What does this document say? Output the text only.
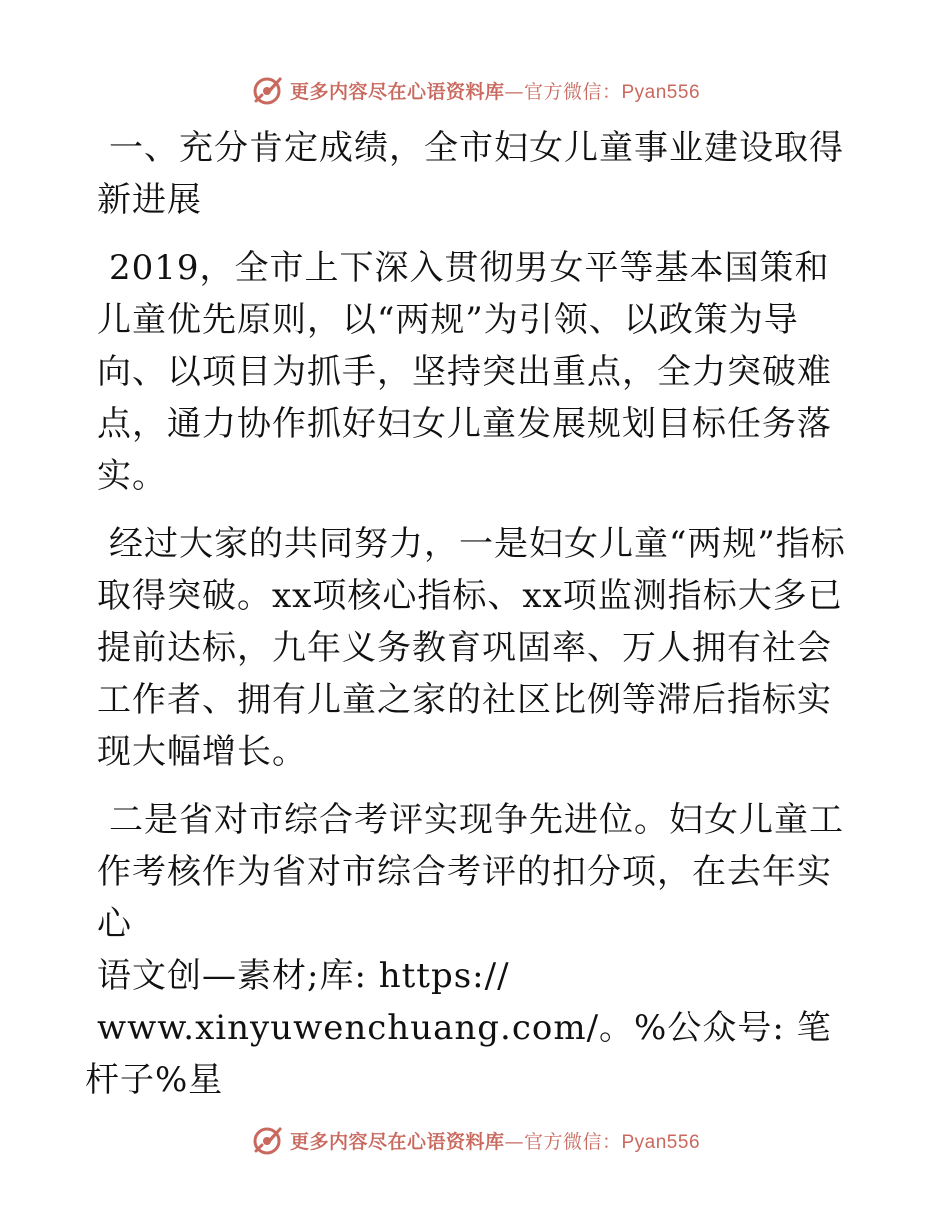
更多内容尽在心语资料库—官方微信：Pyan556

一、充分肯定成绩，全市妇女儿童事业建设取得
新进展

2019，全市上下深入贯彻男女平等基本国策和儿童优先原则，以“两规”为引领、以政策为导向、以项目为抓手，坚持突出重点，全力突破难点，通力协作抓好妇女儿童发展规划目标任务落实。

经过大家的共同努力，一是妇女儿童“两规”指标取得突破。xx项核心指标、xx项监测指标大多已提前达标，九年义务教育巩固率、万人拥有社会工作者、拥有儿童之家的社区比例等滞后指标实现大幅增长。

二是省对市综合考评实现争先进位。妇女儿童工作考核作为省对市综合考评的扣分项，在去年实心
语文创—素材;库: https://
www.xinyuwenchuang.com/。%公众号: 笔杆子%星

更多内容尽在心语资料库—官方微信：Pyan556
